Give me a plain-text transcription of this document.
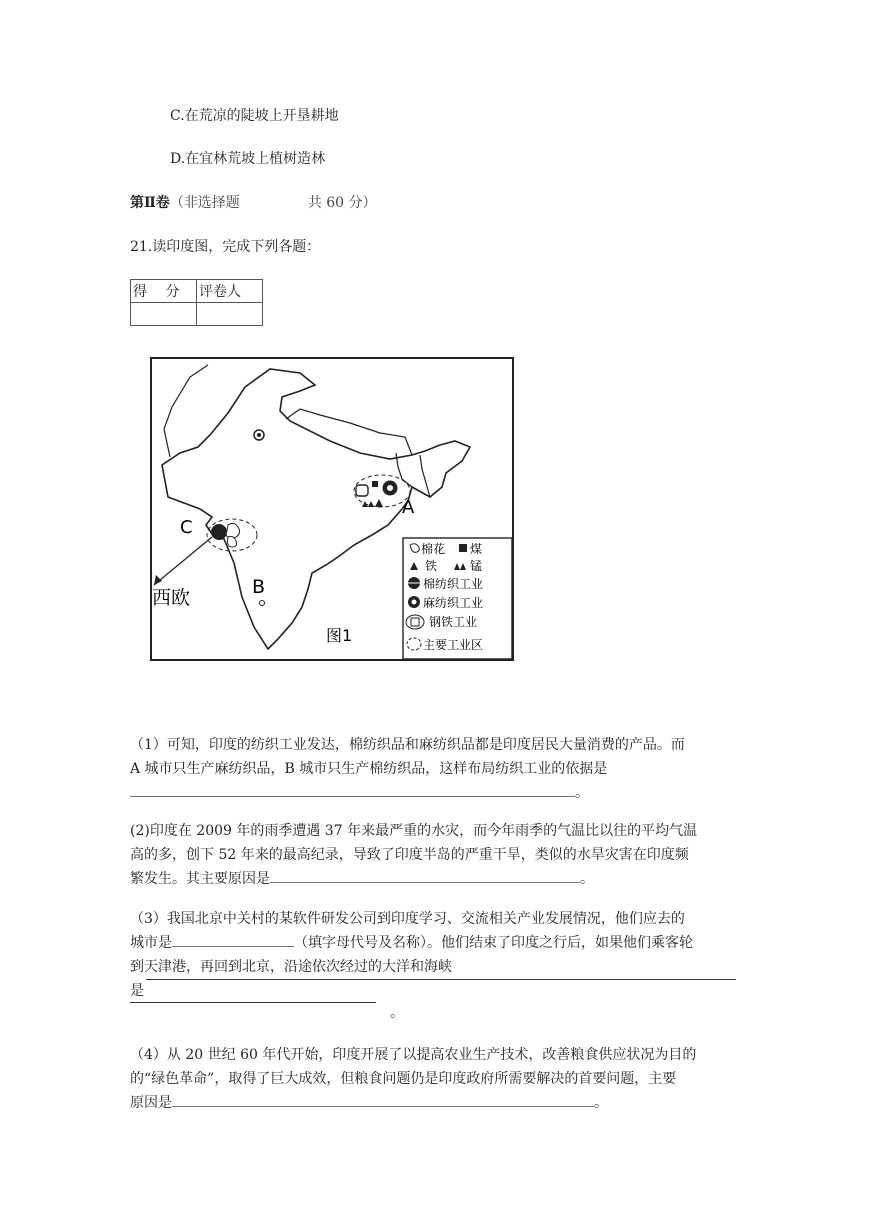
C.在荒凉的陡坡上开垦耕地
D.在宜林荒坡上植树造林
第Ⅱ卷（非选择题	共 60 分）
21.读印度图，完成下列各题：
得　 分	评卷人

A
C
西欧	B
图1
棉花 煤
铁	锰
棉纺织工业
麻纺织工业
钢铁工业
主要工业区
（1）可知，印度的纺织工业发达，棉纺织品和麻纺织品都是印度居民大量消费的产品。而
A 城市只生产麻纺织品，B 城市只生产棉纺织品，这样布局纺织工业的依据是
。
(2)印度在 2009 年的雨季遭遇 37 年来最严重的水灾，而今年雨季的气温比以往的平均气温
高的多，创下 52 年来的最高纪录，导致了印度半岛的严重干旱，类似的水旱灾害在印度频
繁发生。其主要原因是	。
（3）我国北京中关村的某软件研发公司到印度学习、交流相关产业发展情况，他们应去的
城市是	（填字母代号及名称）。他们结束了印度之行后，如果他们乘客轮
到天津港，再回到北京，沿途依次经过的大洋和海峡
是
。
（4）从 20 世纪 60 年代开始，印度开展了以提高农业生产技术，改善粮食供应状况为目的
的“绿色革命”，取得了巨大成效，但粮食问题仍是印度政府所需要解决的首要问题，主要
原因是	。
